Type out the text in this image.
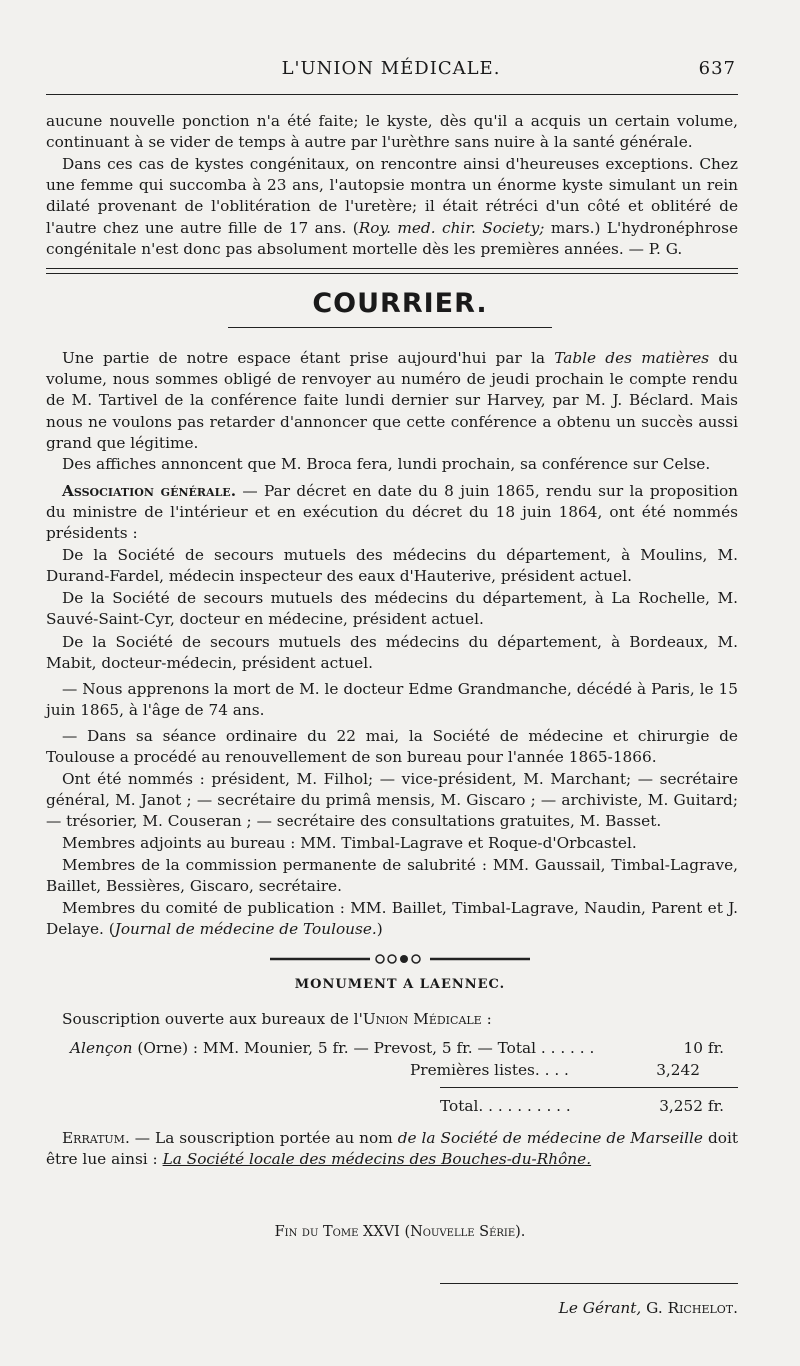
L'UNION MÉDICALE.	637

aucune nouvelle ponction n'a été faite; le kyste, dès qu'il a acquis un certain volume, continuant à se vider de temps à autre par l'urèthre sans nuire à la santé générale.

Dans ces cas de kystes congénitaux, on rencontre ainsi d'heureuses exceptions. Chez une femme qui succomba à 23 ans, l'autopsie montra un énorme kyste simulant un rein dilaté provenant de l'oblitération de l'uretère; il était rétréci d'un côté et oblitéré de l'autre chez une autre fille de 17 ans. (Roy. med. chir. Society; mars.) L'hydronéphrose congénitale n'est donc pas absolument mortelle dès les premières années. — P. G.

COURRIER.

Une partie de notre espace étant prise aujourd'hui par la Table des matières du volume, nous sommes obligé de renvoyer au numéro de jeudi prochain le compte rendu de M. Tartivel de la conférence faite lundi dernier sur Harvey, par M. J. Béclard. Mais nous ne voulons pas retarder d'annoncer que cette conférence a obtenu un succès aussi grand que légitime.

Des affiches annoncent que M. Broca fera, lundi prochain, sa conférence sur Celse.

Association générale. — Par décret en date du 8 juin 1865, rendu sur la proposition du ministre de l'intérieur et en exécution du décret du 18 juin 1864, ont été nommés présidents :

De la Société de secours mutuels des médecins du département, à Moulins, M. Durand-Fardel, médecin inspecteur des eaux d'Hauterive, président actuel.

De la Société de secours mutuels des médecins du département, à La Rochelle, M. Sauvé-Saint-Cyr, docteur en médecine, président actuel.

De la Société de secours mutuels des médecins du département, à Bordeaux, M. Mabit, docteur-médecin, président actuel.

— Nous apprenons la mort de M. le docteur Edme Grandmanche, décédé à Paris, le 15 juin 1865, à l'âge de 74 ans.

— Dans sa séance ordinaire du 22 mai, la Société de médecine et chirurgie de Toulouse a procédé au renouvellement de son bureau pour l'année 1865-1866.

Ont été nommés : président, M. Filhol; — vice-président, M. Marchant; — secrétaire général, M. Janot ; — secrétaire du primâ mensis, M. Giscaro ; — archiviste, M. Guitard; — trésorier, M. Couseran ; — secrétaire des consultations gratuites, M. Basset.

Membres adjoints au bureau : MM. Timbal-Lagrave et Roque-d'Orbcastel.

Membres de la commission permanente de salubrité : MM. Gaussail, Timbal-Lagrave, Baillet, Bessières, Giscaro, secrétaire.

Membres du comité de publication : MM. Baillet, Timbal-Lagrave, Naudin, Parent et J. Delaye. (Journal de médecine de Toulouse.)

MONUMENT A LAENNEC.

Souscription ouverte aux bureaux de l'Union Médicale :

Alençon (Orne) : MM. Mounier, 5 fr. — Prevost, 5 fr. — Total . . . . . .	10 fr.
Premières listes. . . .	3,242
Total. . . . . . . . . .	3,252 fr.

Erratum. — La souscription portée au nom de la Société de médecine de Marseille doit être lue ainsi : La Société locale des médecins des Bouches-du-Rhône.

Fin du Tome XXVI (Nouvelle Série).
Le Gérant, G. Richelot.
